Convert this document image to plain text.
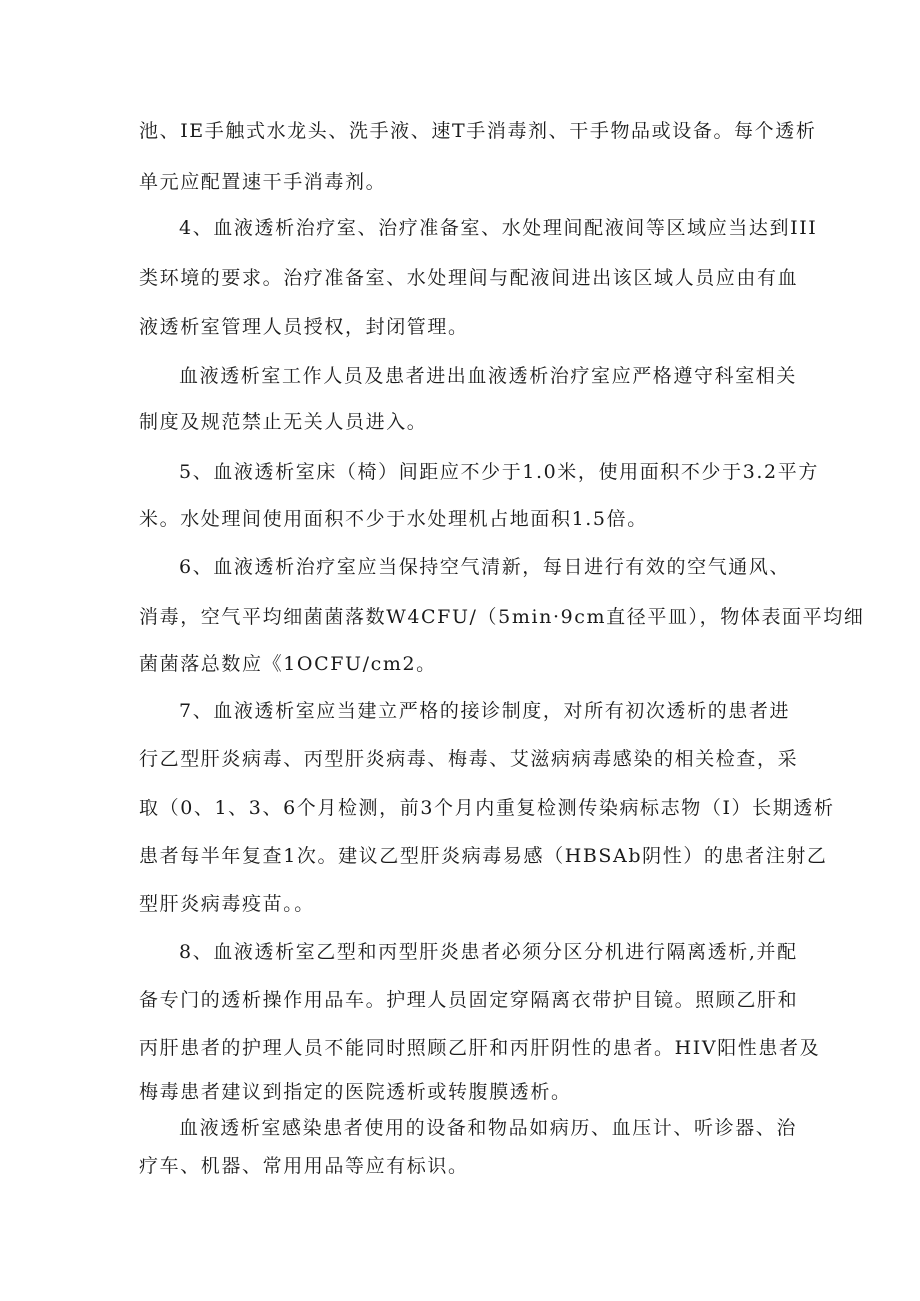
池、IE手触式水龙头、洗手液、速T手消毒剂、干手物品或设备。每个透析
单元应配置速干手消毒剂。
4、血液透析治疗室、治疗准备室、水处理间配液间等区域应当达到III
类环境的要求。治疗准备室、水处理间与配液间进出该区域人员应由有血
液透析室管理人员授权，封闭管理。
血液透析室工作人员及患者进出血液透析治疗室应严格遵守科室相关
制度及规范禁止无关人员进入。
5、血液透析室床（椅）间距应不少于1.0米，使用面积不少于3.2平方
米。水处理间使用面积不少于水处理机占地面积1.5倍。
6、血液透析治疗室应当保持空气清新，每日进行有效的空气通风、
消毒，空气平均细菌菌落数W4CFU/（5min·9cm直径平皿），物体表面平均细
菌菌落总数应《1OCFU/cm2。
7、血液透析室应当建立严格的接诊制度，对所有初次透析的患者进
行乙型肝炎病毒、丙型肝炎病毒、梅毒、艾滋病病毒感染的相关检查，采
取（0、1、3、6个月检测，前3个月内重复检测传染病标志物（I）长期透析
患者每半年复查1次。建议乙型肝炎病毒易感（HBSAb阴性）的患者注射乙
型肝炎病毒疫苗。。
8、血液透析室乙型和丙型肝炎患者必须分区分机进行隔离透析,并配
备专门的透析操作用品车。护理人员固定穿隔离衣带护目镜。照顾乙肝和
丙肝患者的护理人员不能同时照顾乙肝和丙肝阴性的患者。HIV阳性患者及
梅毒患者建议到指定的医院透析或转腹膜透析。
血液透析室感染患者使用的设备和物品如病历、血压计、听诊器、治
疗车、机器、常用用品等应有标识。
